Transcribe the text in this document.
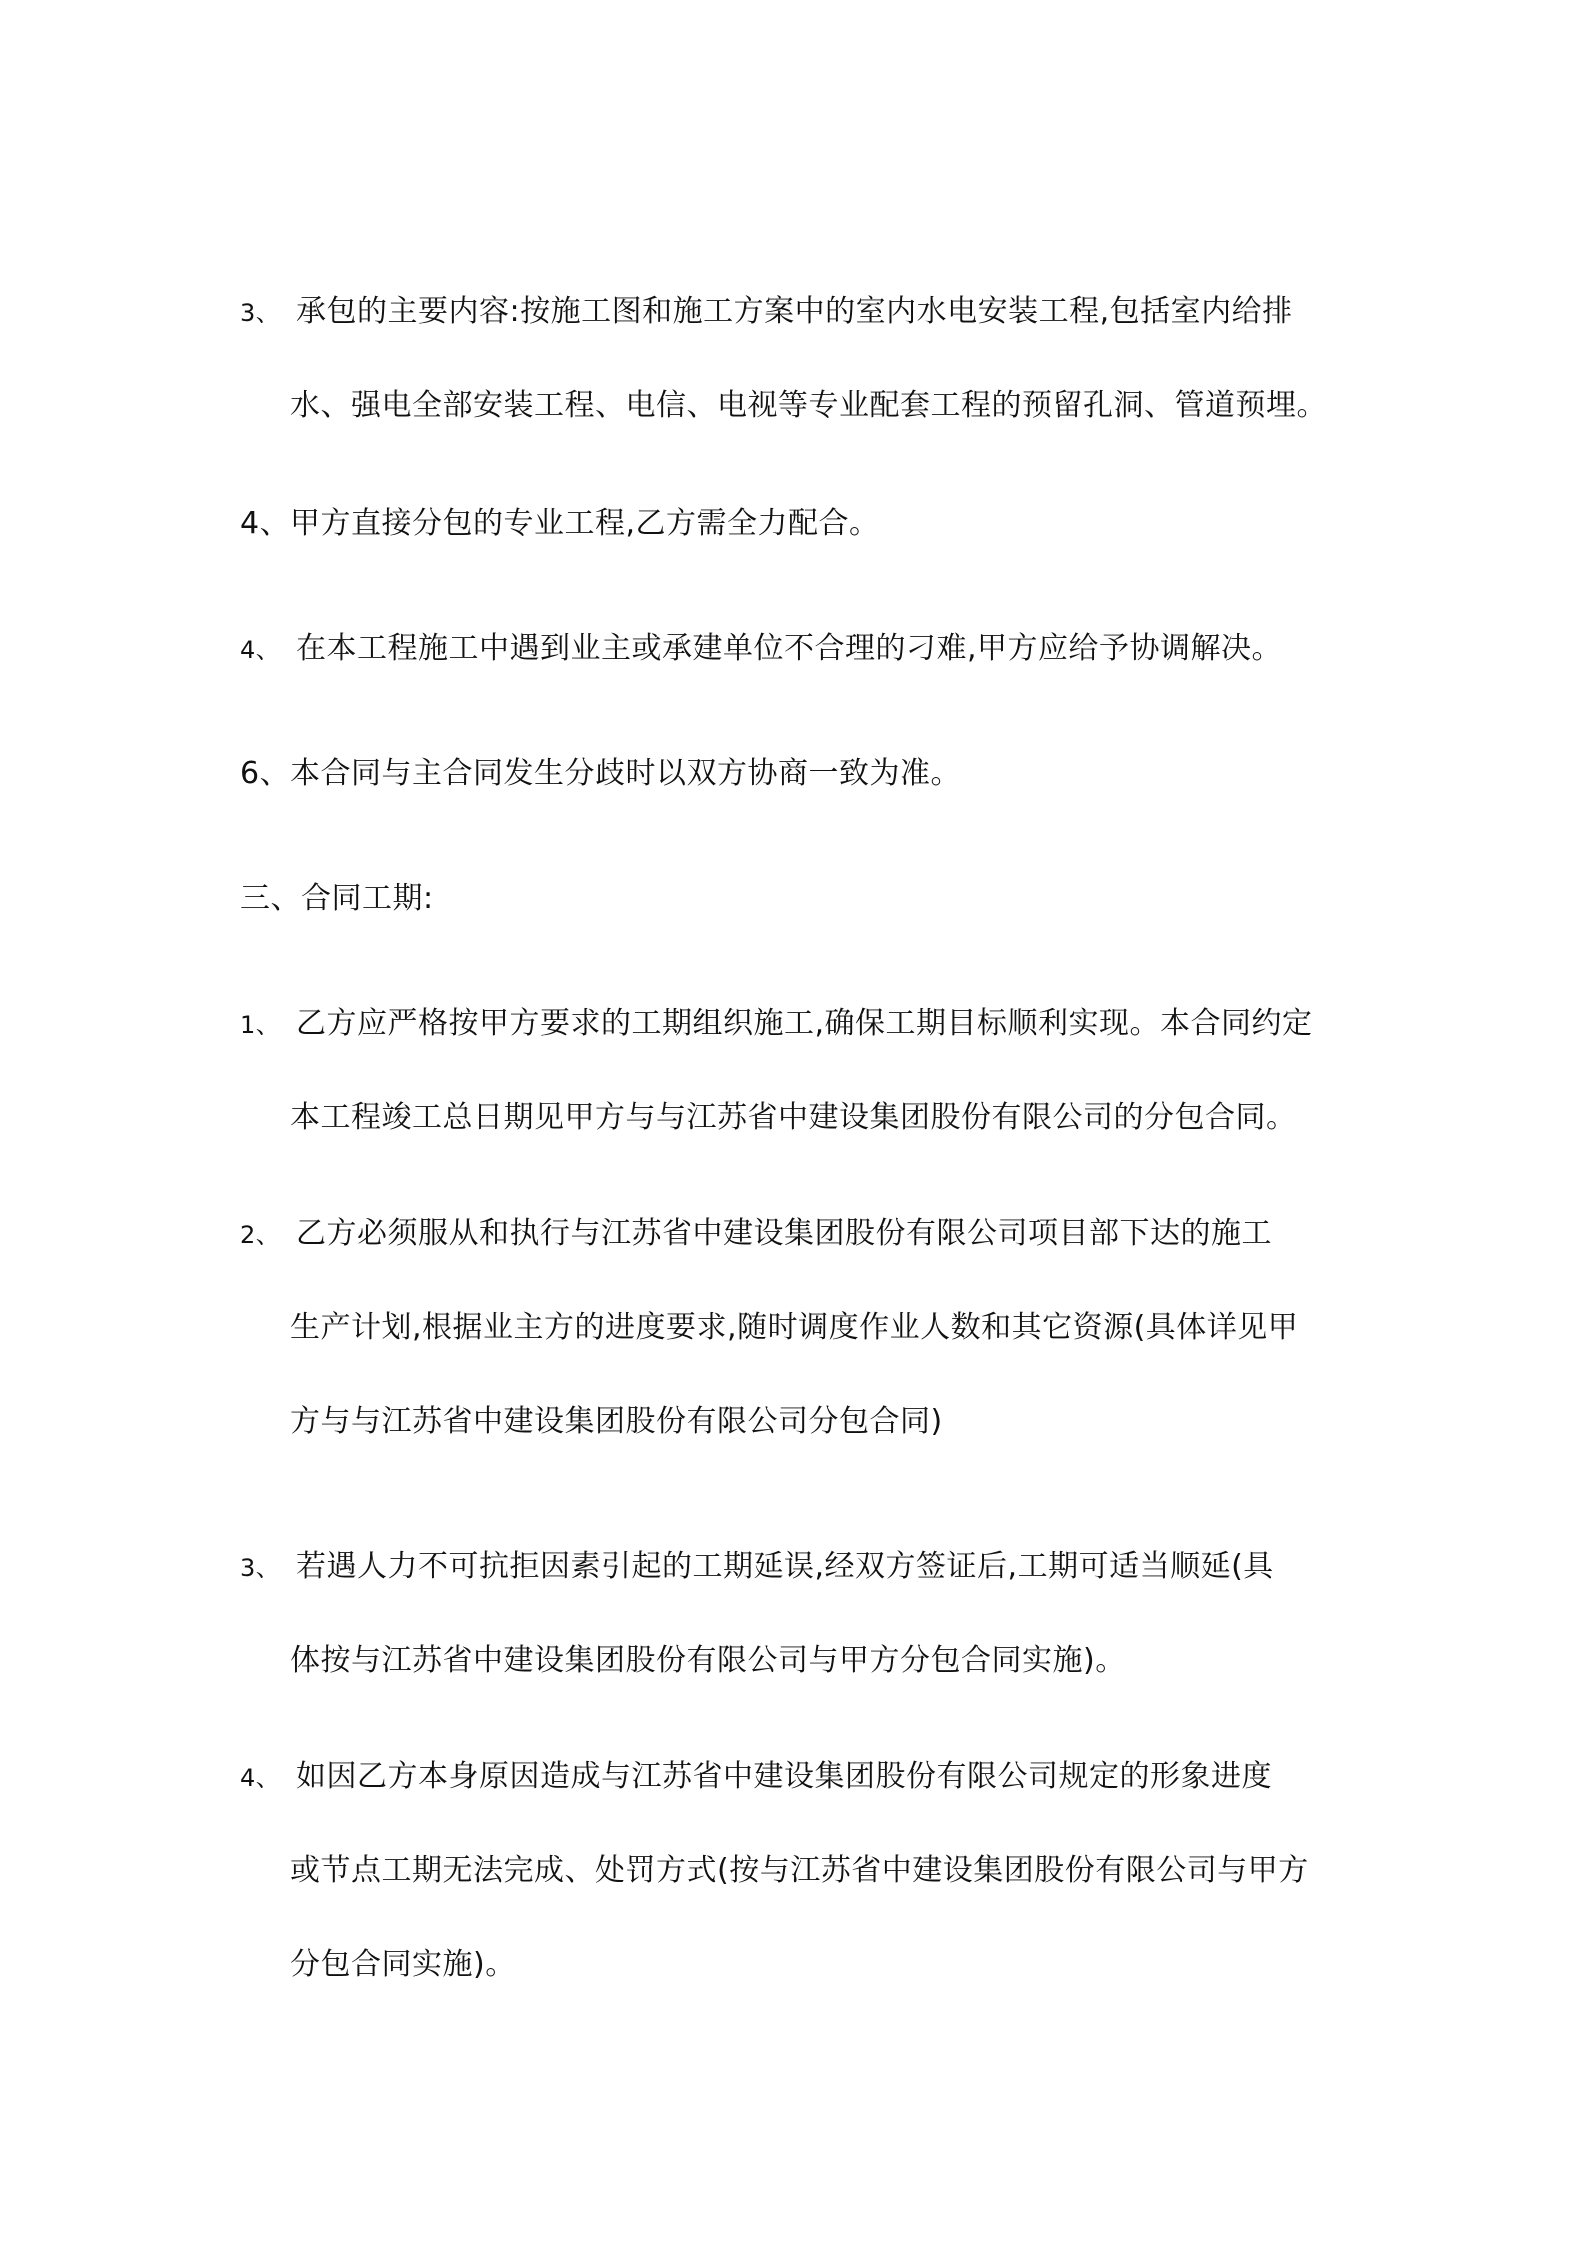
3、 承包的主要内容:按施工图和施工方案中的室内水电安装工程,包括室内给排
水、强电全部安装工程、电信、电视等专业配套工程的预留孔洞、管道预埋。
4、甲方直接分包的专业工程,乙方需全力配合。
4、 在本工程施工中遇到业主或承建单位不合理的刁难,甲方应给予协调解决。
6、本合同与主合同发生分歧时以双方协商一致为准。
三、合同工期:
1、 乙方应严格按甲方要求的工期组织施工,确保工期目标顺利实现。本合同约定
本工程竣工总日期见甲方与与江苏省中建设集团股份有限公司的分包合同。
2、 乙方必须服从和执行与江苏省中建设集团股份有限公司项目部下达的施工
生产计划,根据业主方的进度要求,随时调度作业人数和其它资源(具体详见甲
方与与江苏省中建设集团股份有限公司分包合同)
3、 若遇人力不可抗拒因素引起的工期延误,经双方签证后,工期可适当顺延(具
体按与江苏省中建设集团股份有限公司与甲方分包合同实施)。
4、 如因乙方本身原因造成与江苏省中建设集团股份有限公司规定的形象进度
或节点工期无法完成、处罚方式(按与江苏省中建设集团股份有限公司与甲方
分包合同实施)。
